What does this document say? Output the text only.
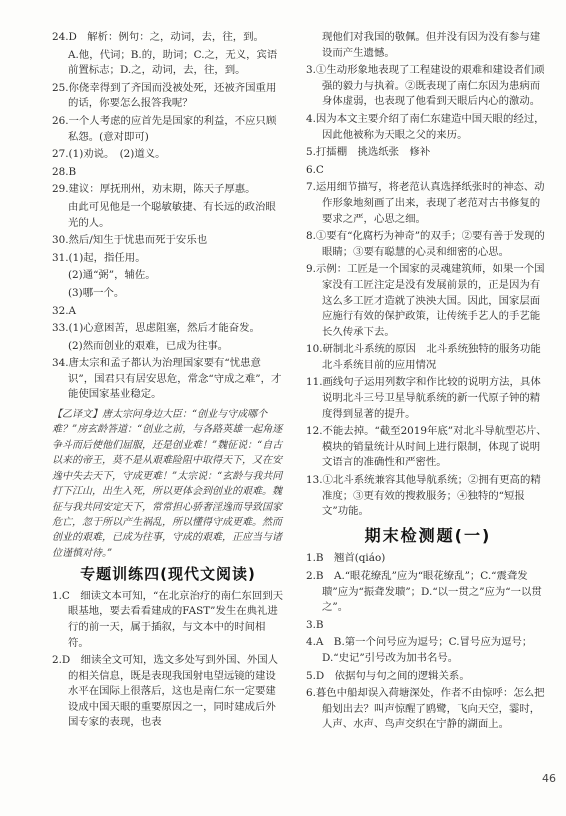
24.D　解析：例句：之，动词，去，往，到。

A.他，代词；B.的，助词；C.之，无义，宾语前置标志；D.之，动词，去，往，到。

25.你侥幸得到了齐国而没被处死，还被齐国重用的话，你要怎么报答我呢？

26.一个人考虑的应首先是国家的利益，不应只顾私怨。(意对即可)

27.(1)劝说。　(2)道义。

28.B

29.建议：厚抚刑州，劝末期，陈天子厚惠。

由此可见他是一个聪敏敏捷、有长远的政治眼光的人。

30.然后/知生于忧患而死于安乐也

31.(1)起，指任用。

(2)通“弼”，辅佐。

(3)哪一个。

32.A

33.(1)心意困苦，思虑阻塞，然后才能奋发。

(2)然而创业的艰难，已成为往事。

34.唐太宗和孟子都认为治理国家要有“忧患意识”，国君只有居安思危，常念“守成之难”，才能使国家基业稳定。

【乙译文】唐太宗问身边大臣：“创业与守成哪个难？”房玄龄答道：“创业之前，与各路英雄一起角逐争斗而后使他们屈服，还是创业难！”魏征说：“自古以来的帝王，莫不是从艰难险阻中取得天下，又在安逸中失去天下，守成更难！”太宗说：“玄龄与我共同打下江山，出生入死，所以更体会到创业的艰难。魏征与我共同安定天下，常常担心骄奢淫逸而导致国家危亡，忽于所以产生祸乱，所以懂得守成更难。然而创业的艰难，已成为往事，守成的艰难，正应当与诸位谨慎对待。”
专题训练四(现代文阅读)

1.C　细读文本可知，“在北京治疗的南仁东回到天眼基地，要去看看建成的FAST”发生在典礼进行的前一天，属于插叙，与文本中的时间相符。

2.D　细读全文可知，选文多处写到外国、外国人的相关信息，既是表现我国射电望远镜的建设水平在国际上很落后，这也是南仁东一定要建设成中国天眼的重要原因之一，同时建成后外国专家的表现，也表

现他们对我国的敬佩。但并没有因为没有参与建设而产生遗憾。

3.①生动形象地表现了工程建设的艰难和建设者们顽强的毅力与执着。②既表现了南仁东因为患病而身体虚弱，也表现了他看到天眼后内心的激动。

4.因为本文主要介绍了南仁东建造中国天眼的经过，因此他被称为天眼之父的来历。

5.打擂棚　挑选纸张　修补

6.C

7.运用细节描写，将老范认真选择纸张时的神态、动作形象地刻画了出来，表现了老范对古书修复的要求之严，心思之细。

8.①要有“化腐朽为神奇”的双手；②要有善于发现的眼睛；③要有聪慧的心灵和细密的心思。

9.示例：工匠是一个国家的灵魂建筑师，如果一个国家没有工匠注定是没有发展前景的，正是因为有这么多工匠才造就了泱泱大国。因此，国家层面应施行有效的保护政策，让传统手艺人的手艺能长久传承下去。

10.研制北斗系统的原因　北斗系统独特的服务功能　北斗系统目前的应用情况

11.画线句子运用列数字和作比较的说明方法，具体说明北斗三号卫星导航系统的新一代原子钟的精度得到显著的提升。

12.不能去掉。“截至2019年底”对北斗导航型芯片、模块的销量统计从时间上进行限制，体现了说明文语言的准确性和严密性。

13.①北斗系统兼容其他导航系统；②拥有更高的精准度；③更有效的搜救服务；④独特的“短报文”功能。

期末检测题(一)

1.B　翘首(qiáo)

2.B　A.“眼花缭乱”应为“眼花缭乱”；C.“震聋发聩”应为“振聋发聩”；D.“以一贯之”应为“一以贯之”。

3.B

4.A　B.第一个问号应为逗号；C.冒号应为逗号；D.“史记”引号改为加书名号。

5.D　依据句与句之间的逻辑关系。

6.暮色中船却误入荷塘深处，作者不由惊呼：怎么把船划出去？叫声惊醒了鸥鹭，飞向天空，霎时，人声、水声、鸟声交织在宁静的湖面上。

46
